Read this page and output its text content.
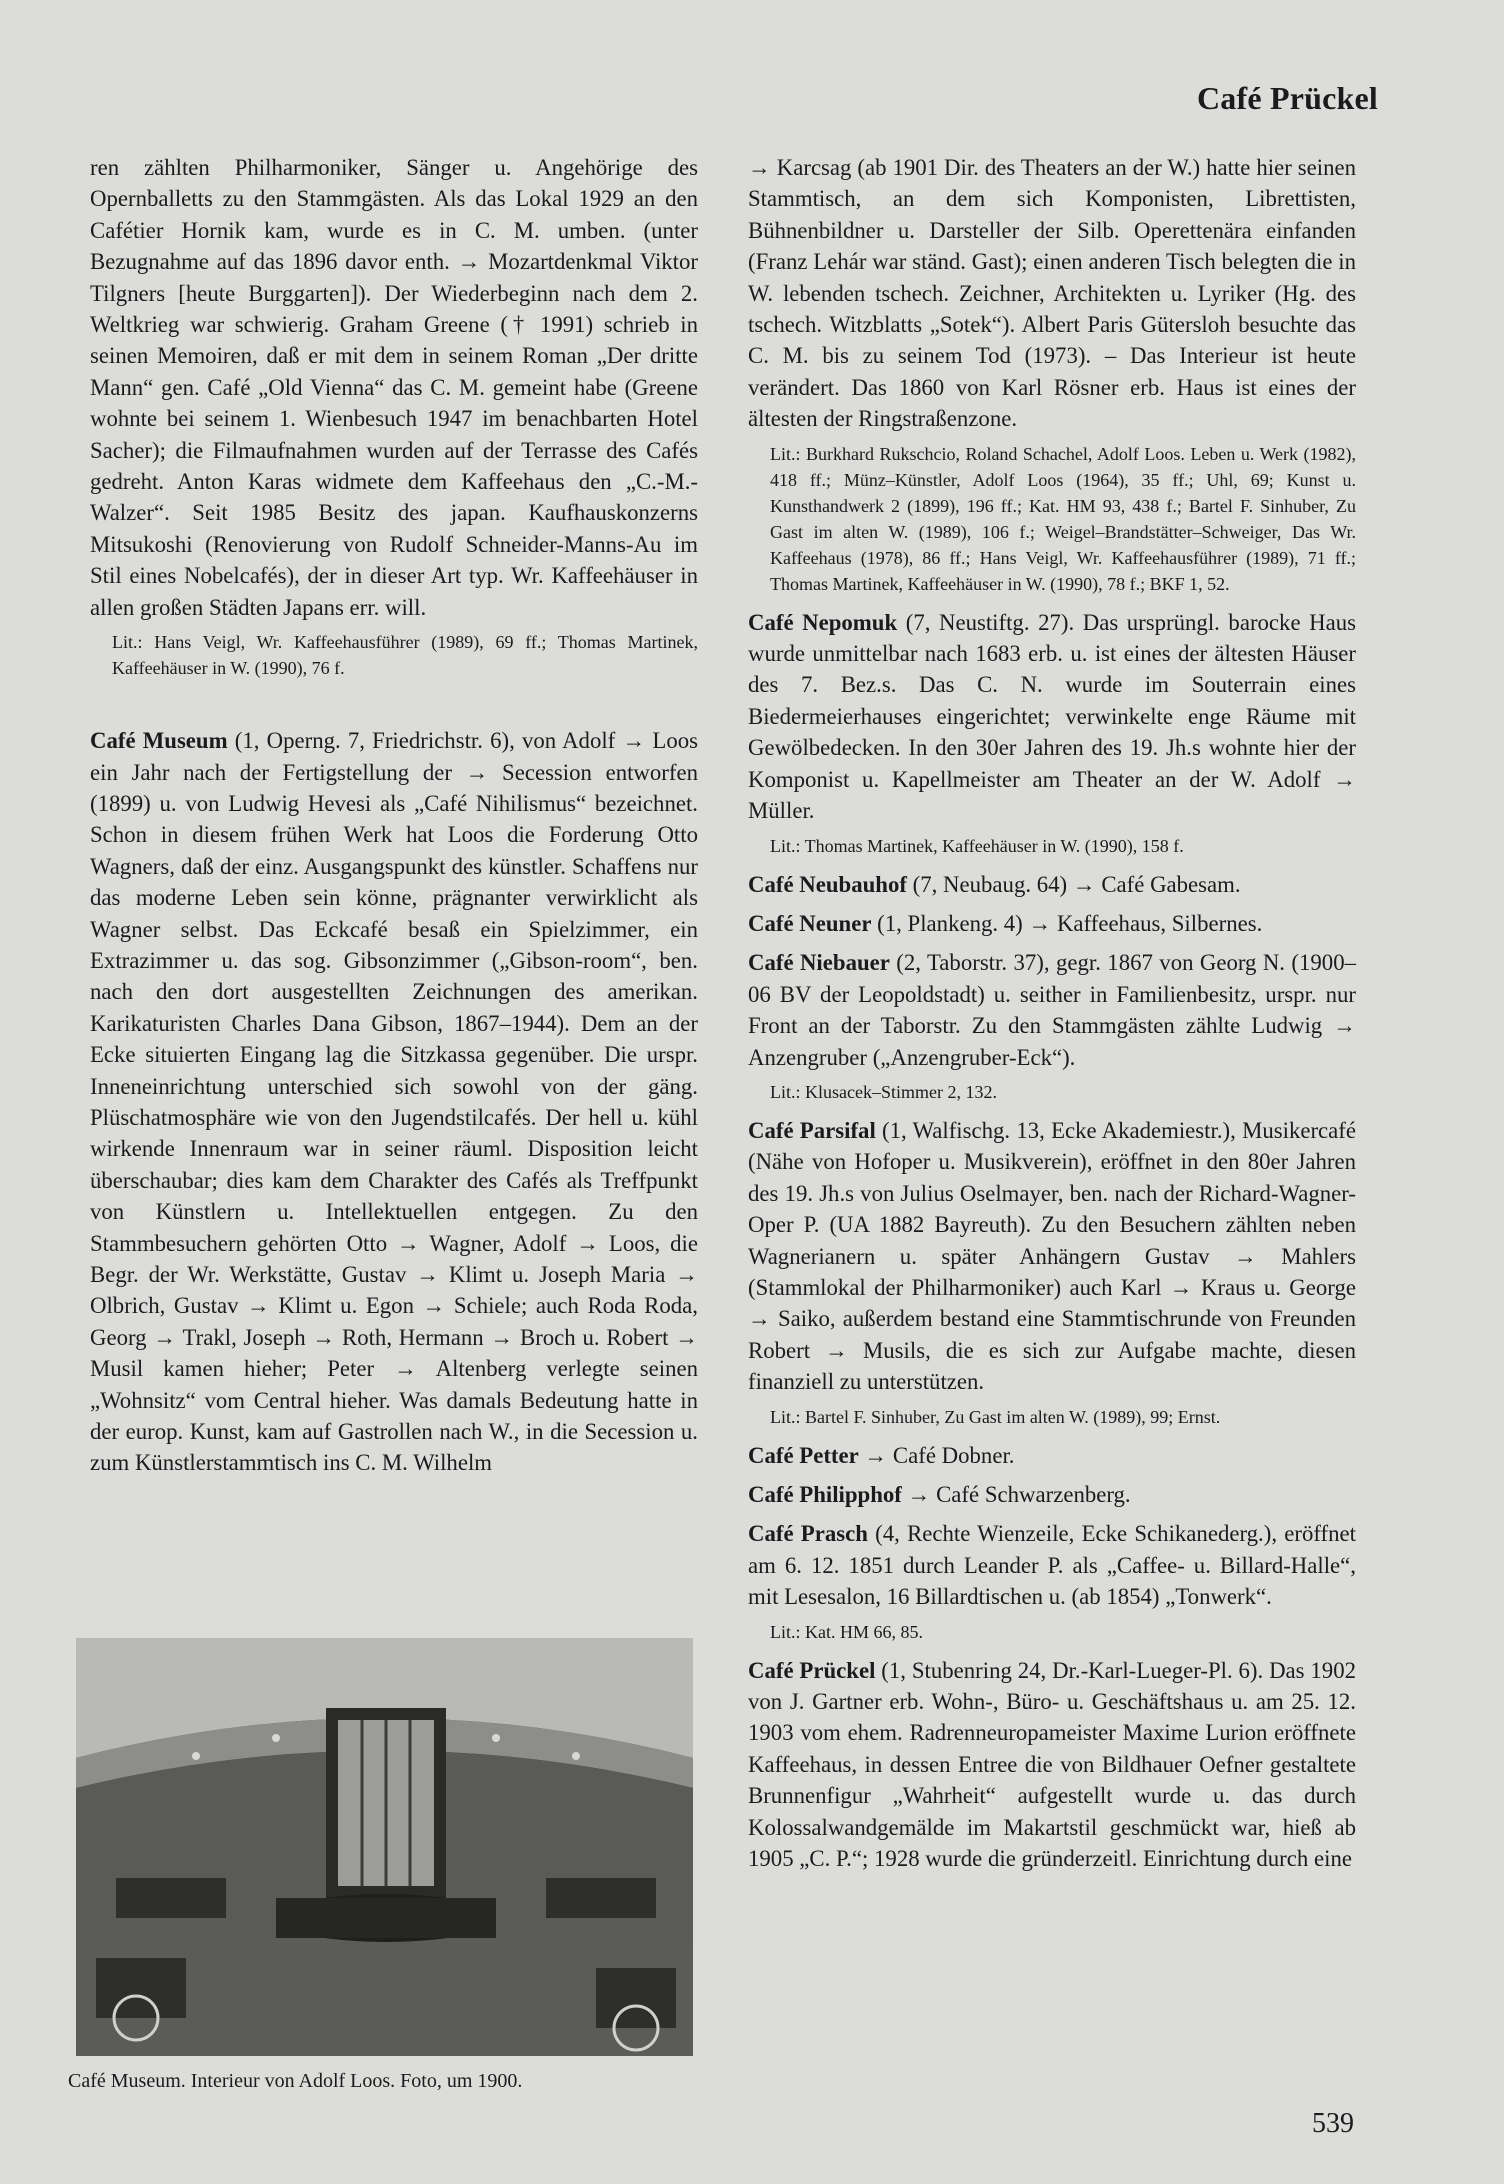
Café Prückel

ren zählten Philharmoniker, Sänger u. Angehörige des Opernballetts zu den Stammgästen. Als das Lokal 1929 an den Cafétier Hornik kam, wurde es in C. M. umben. (unter Bezugnahme auf das 1896 davor enth. → Mozartdenkmal Viktor Tilgners [heute Burggarten]). Der Wiederbeginn nach dem 2. Weltkrieg war schwierig. Graham Greene († 1991) schrieb in seinen Memoiren, daß er mit dem in seinem Roman „Der dritte Mann“ gen. Café „Old Vienna“ das C. M. gemeint habe (Greene wohnte bei seinem 1. Wienbesuch 1947 im benachbarten Hotel Sacher); die Filmaufnahmen wurden auf der Terrasse des Cafés gedreht. Anton Karas widmete dem Kaffeehaus den „C.-M.-Walzer“. Seit 1985 Besitz des japan. Kaufhauskonzerns Mitsukoshi (Renovierung von Rudolf Schneider-Manns-Au im Stil eines Nobelcafés), der in dieser Art typ. Wr. Kaffeehäuser in allen großen Städten Japans err. will.

Lit.: Hans Veigl, Wr. Kaffeehausführer (1989), 69 ff.; Thomas Martinek, Kaffeehäuser in W. (1990), 76 f.

Café Museum (1, Operng. 7, Friedrichstr. 6), von Adolf → Loos ein Jahr nach der Fertigstellung der → Secession entworfen (1899) u. von Ludwig Hevesi als „Café Nihilismus“ bezeichnet. Schon in diesem frühen Werk hat Loos die Forderung Otto Wagners, daß der einz. Ausgangspunkt des künstler. Schaffens nur das moderne Leben sein könne, prägnanter verwirklicht als Wagner selbst. Das Eckcafé besaß ein Spielzimmer, ein Extrazimmer u. das sog. Gibsonzimmer („Gibson-room“, ben. nach den dort ausgestellten Zeichnungen des amerikan. Karikaturisten Charles Dana Gibson, 1867–1944). Dem an der Ecke situierten Eingang lag die Sitzkassa gegenüber. Die urspr. Inneneinrichtung unterschied sich sowohl von der gäng. Plüschatmosphäre wie von den Jugendstilcafés. Der hell u. kühl wirkende Innenraum war in seiner räuml. Disposition leicht überschaubar; dies kam dem Charakter des Cafés als Treffpunkt von Künstlern u. Intellektuellen entgegen. Zu den Stammbesuchern gehörten Otto → Wagner, Adolf → Loos, die Begr. der Wr. Werkstätte, Gustav → Klimt u. Joseph Maria → Olbrich, Gustav → Klimt u. Egon → Schiele; auch Roda Roda, Georg → Trakl, Joseph → Roth, Hermann → Broch u. Robert → Musil kamen hieher; Peter → Altenberg verlegte seinen „Wohnsitz“ vom Central hieher. Was damals Bedeutung hatte in der europ. Kunst, kam auf Gastrollen nach W., in die Secession u. zum Künstlerstammtisch ins C. M. Wilhelm

Café Museum. Interieur von Adolf Loos. Foto, um 1900.

→ Karcsag (ab 1901 Dir. des Theaters an der W.) hatte hier seinen Stammtisch, an dem sich Komponisten, Librettisten, Bühnenbildner u. Darsteller der Silb. Operettenära einfanden (Franz Lehár war ständ. Gast); einen anderen Tisch belegten die in W. lebenden tschech. Zeichner, Architekten u. Lyriker (Hg. des tschech. Witzblatts „Sotek“). Albert Paris Gütersloh besuchte das C. M. bis zu seinem Tod (1973). – Das Interieur ist heute verändert. Das 1860 von Karl Rösner erb. Haus ist eines der ältesten der Ringstraßenzone.

Lit.: Burkhard Rukschcio, Roland Schachel, Adolf Loos. Leben u. Werk (1982), 418 ff.; Münz–Künstler, Adolf Loos (1964), 35 ff.; Uhl, 69; Kunst u. Kunsthandwerk 2 (1899), 196 ff.; Kat. HM 93, 438 f.; Bartel F. Sinhuber, Zu Gast im alten W. (1989), 106 f.; Weigel–Brandstätter–Schweiger, Das Wr. Kaffeehaus (1978), 86 ff.; Hans Veigl, Wr. Kaffeehausführer (1989), 71 ff.; Thomas Martinek, Kaffeehäuser in W. (1990), 78 f.; BKF 1, 52.

Café Nepomuk (7, Neustiftg. 27). Das ursprüngl. barocke Haus wurde unmittelbar nach 1683 erb. u. ist eines der ältesten Häuser des 7. Bez.s. Das C. N. wurde im Souterrain eines Biedermeierhauses eingerichtet; verwinkelte enge Räume mit Gewölbedecken. In den 30er Jahren des 19. Jh.s wohnte hier der Komponist u. Kapellmeister am Theater an der W. Adolf → Müller.

Lit.: Thomas Martinek, Kaffeehäuser in W. (1990), 158 f.

Café Neubauhof (7, Neubaug. 64) → Café Gabesam.

Café Neuner (1, Plankeng. 4) → Kaffeehaus, Silbernes.

Café Niebauer (2, Taborstr. 37), gegr. 1867 von Georg N. (1900–06 BV der Leopoldstadt) u. seither in Familienbesitz, urspr. nur Front an der Taborstr. Zu den Stammgästen zählte Ludwig → Anzengruber („Anzengruber-Eck“).

Lit.: Klusacek–Stimmer 2, 132.

Café Parsifal (1, Walfischg. 13, Ecke Akademiestr.), Musikercafé (Nähe von Hofoper u. Musikverein), eröffnet in den 80er Jahren des 19. Jh.s von Julius Oselmayer, ben. nach der Richard-Wagner-Oper P. (UA 1882 Bayreuth). Zu den Besuchern zählten neben Wagnerianern u. später Anhängern Gustav → Mahlers (Stammlokal der Philharmoniker) auch Karl → Kraus u. George → Saiko, außerdem bestand eine Stammtischrunde von Freunden Robert → Musils, die es sich zur Aufgabe machte, diesen finanziell zu unterstützen.

Lit.: Bartel F. Sinhuber, Zu Gast im alten W. (1989), 99; Ernst.

Café Petter → Café Dobner.

Café Philipphof → Café Schwarzenberg.

Café Prasch (4, Rechte Wienzeile, Ecke Schikanederg.), eröffnet am 6. 12. 1851 durch Leander P. als „Caffee- u. Billard-Halle“, mit Lesesalon, 16 Billardtischen u. (ab 1854) „Tonwerk“.

Lit.: Kat. HM 66, 85.

Café Prückel (1, Stubenring 24, Dr.-Karl-Lueger-Pl. 6). Das 1902 von J. Gartner erb. Wohn-, Büro- u. Geschäftshaus u. am 25. 12. 1903 vom ehem. Radrenneuropameister Maxime Lurion eröffnete Kaffeehaus, in dessen Entree die von Bildhauer Oefner gestaltete Brunnenfigur „Wahrheit“ aufgestellt wurde u. das durch Kolossalwandgemälde im Makartstil geschmückt war, hieß ab 1905 „C. P.“; 1928 wurde die gründerzeitl. Einrichtung durch eine

539
